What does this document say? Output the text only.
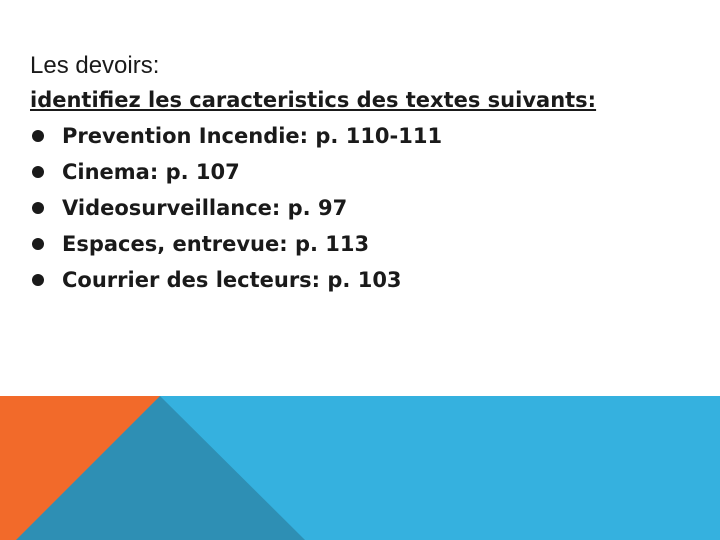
Les devoirs:

identifiez les caracteristics des textes suivants:

Prevention Incendie: p. 110-111
Cinema: p. 107
Videosurveillance: p. 97
Espaces, entrevue: p. 113
Courrier des lecteurs: p. 103
